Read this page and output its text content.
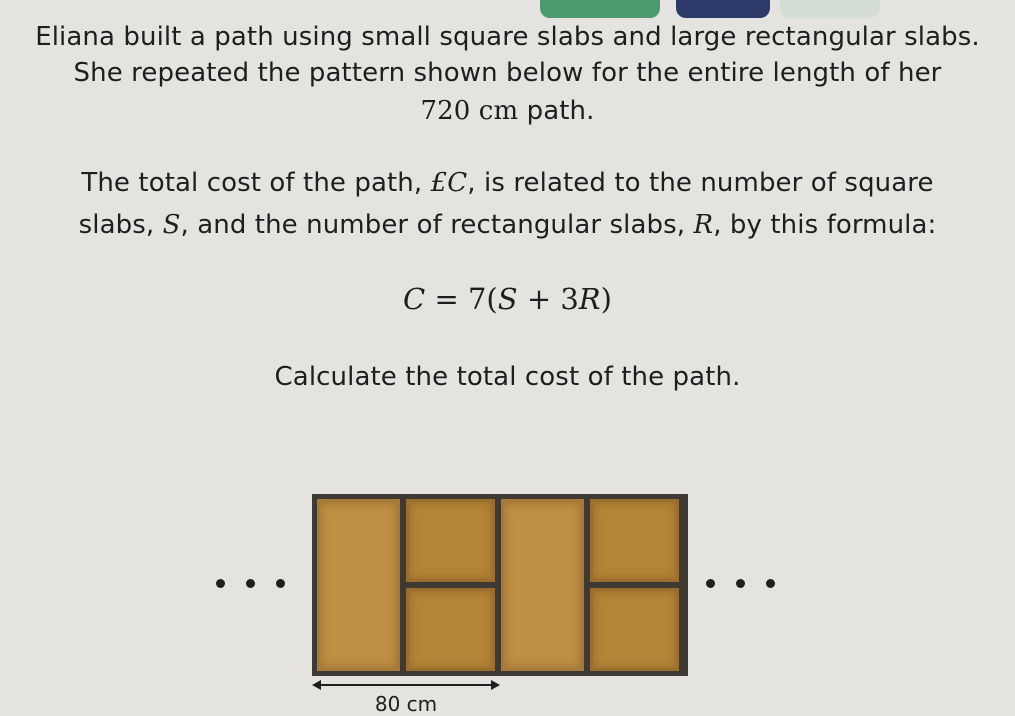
Eliana built a path using small square slabs and large rectangular slabs.
She repeated the pattern shown below for the entire length of her
720 cm path.
The total cost of the path, £C, is related to the number of square
slabs, S, and the number of rectangular slabs, R, by this formula:
C = 7(S + 3R)
Calculate the total cost of the path.
80 cm
